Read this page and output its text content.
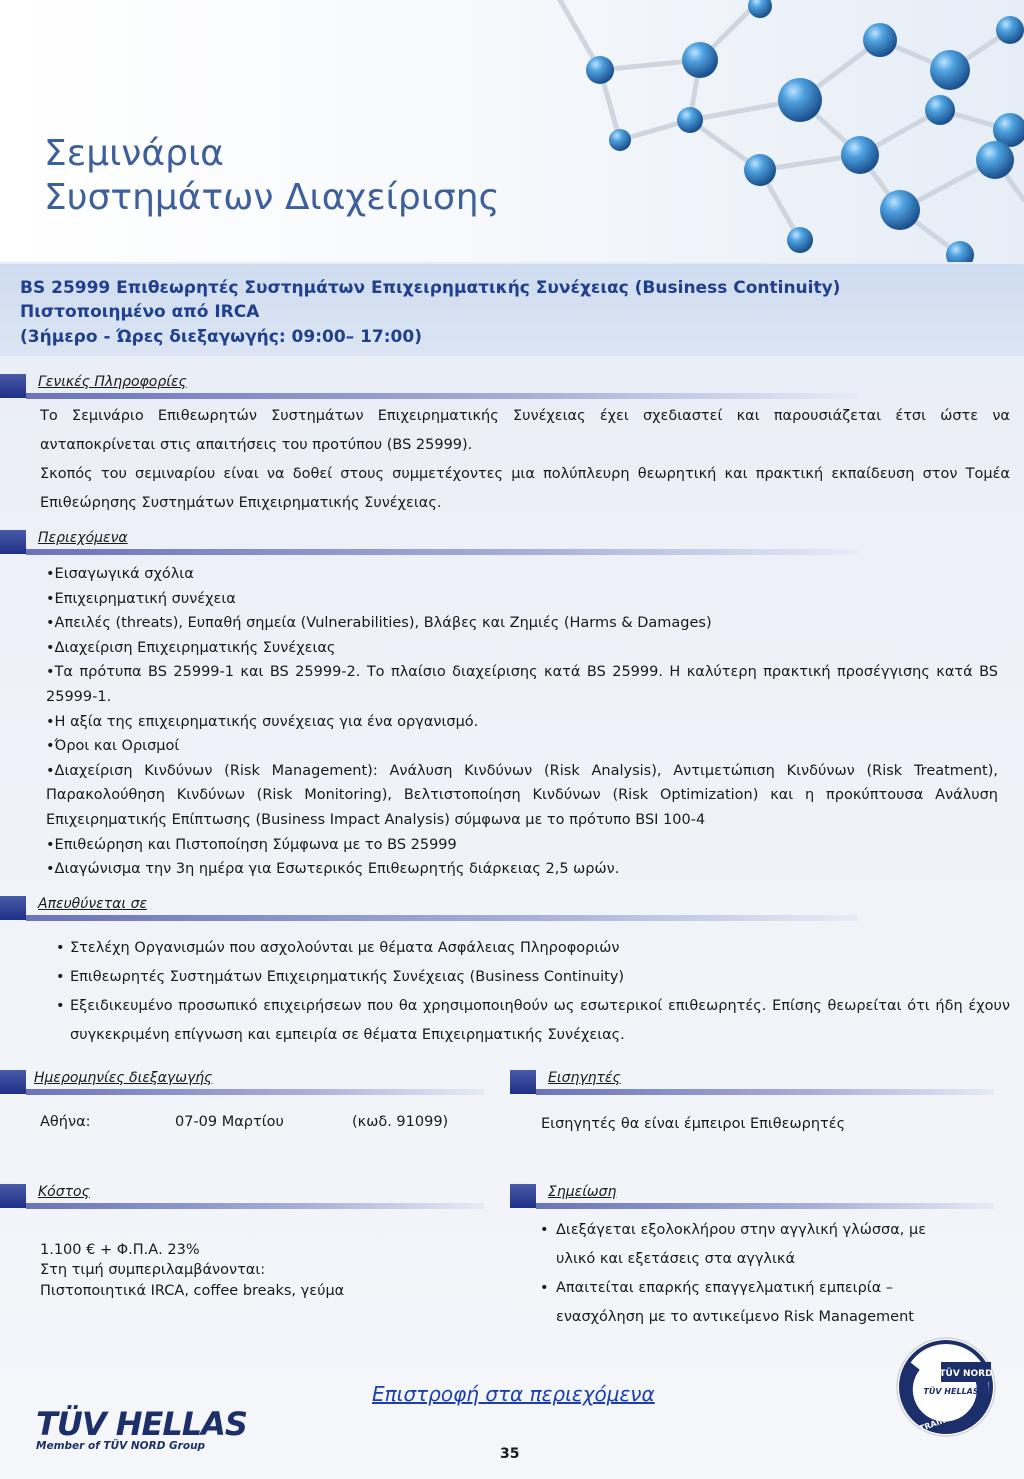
Σεμινάρια
Συστημάτων Διαχείρισης
BS 25999 Επιθεωρητές Συστημάτων Επιχειρηματικής Συνέχειας (Business Continuity)
Πιστοποιημένο από IRCA
(3ήμερο - Ώρες διεξαγωγής: 09:00– 17:00)
Γενικές Πληροφορίες
Το Σεμινάριο Επιθεωρητών Συστημάτων Επιχειρηματικής Συνέχειας έχει σχεδιαστεί και παρουσιάζεται έτσι ώστε να ανταποκρίνεται στις απαιτήσεις του προτύπου (BS 25999).
Σκοπός του σεμιναρίου είναι να δοθεί στους συμμετέχοντες μια πολύπλευρη θεωρητική και πρακτική εκπαίδευση στον Τομέα Επιθεώρησης Συστημάτων Επιχειρηματικής Συνέχειας.
Περιεχόμενα
•Εισαγωγικά σχόλια
•Επιχειρηματική συνέχεια
•Απειλές (threats), Ευπαθή σημεία (Vulnerabilities), Βλάβες και Ζημιές (Harms & Damages)
•Διαχείριση Επιχειρηματικής Συνέχειας
•Τα πρότυπα BS 25999-1 και BS 25999-2. Το πλαίσιο διαχείρισης κατά BS 25999. Η καλύτερη πρακτική προσέγγισης κατά BS 25999-1.
•Η αξία της επιχειρηματικής συνέχειας για ένα οργανισμό.
•Όροι και Ορισμοί
•Διαχείριση Κινδύνων (Risk Management): Ανάλυση Κινδύνων (Risk Analysis), Αντιμετώπιση Κινδύνων (Risk Treatment), Παρακολούθηση Κινδύνων (Risk Monitoring), Βελτιστοποίηση Κινδύνων (Risk Optimization) και η προκύπτουσα Ανάλυση Επιχειρηματικής Επίπτωσης (Business Impact Analysis) σύμφωνα με το πρότυπο BSI 100-4
•Επιθεώρηση και Πιστοποίηση Σύμφωνα με το BS 25999
•Διαγώνισμα την 3η ημέρα για Εσωτερικός Επιθεωρητής διάρκειας 2,5 ωρών.
Απευθύνεται σε
• Στελέχη Οργανισμών που ασχολούνται με θέματα Ασφάλειας Πληροφοριών
• Επιθεωρητές Συστημάτων Επιχειρηματικής Συνέχειας (Business Continuity)
• Εξειδικευμένο προσωπικό επιχειρήσεων που θα χρησιμοποιηθούν ως εσωτερικοί επιθεωρητές. Επίσης θεωρείται ότι ήδη έχουν συγκεκριμένη επίγνωση και εμπειρία σε θέματα Επιχειρηματικής Συνέχειας.
Ημερομηνίες διεξαγωγής
Αθήνα:	07-09 Μαρτίου	(κωδ. 91099)
Εισηγητές
Εισηγητές θα είναι έμπειροι Επιθεωρητές
Κόστος
1.100 € + Φ.Π.Α. 23%
Στη τιμή συμπεριλαμβάνονται:
Πιστοποιητικά IRCA, coffee breaks, γεύμα
Σημείωση
• Διεξάγεται εξολοκλήρου στην αγγλική γλώσσα, με υλικό και εξετάσεις στα αγγλικά
• Απαιτείται επαρκής επαγγελματική εμπειρία – ενασχόληση με το αντικείμενο Risk Management
Επιστροφή στα περιεχόμενα
TÜV HELLAS
Member of TÜV NORD Group
TÜV NORD
TÜV HELLAS
TRAINING
35
